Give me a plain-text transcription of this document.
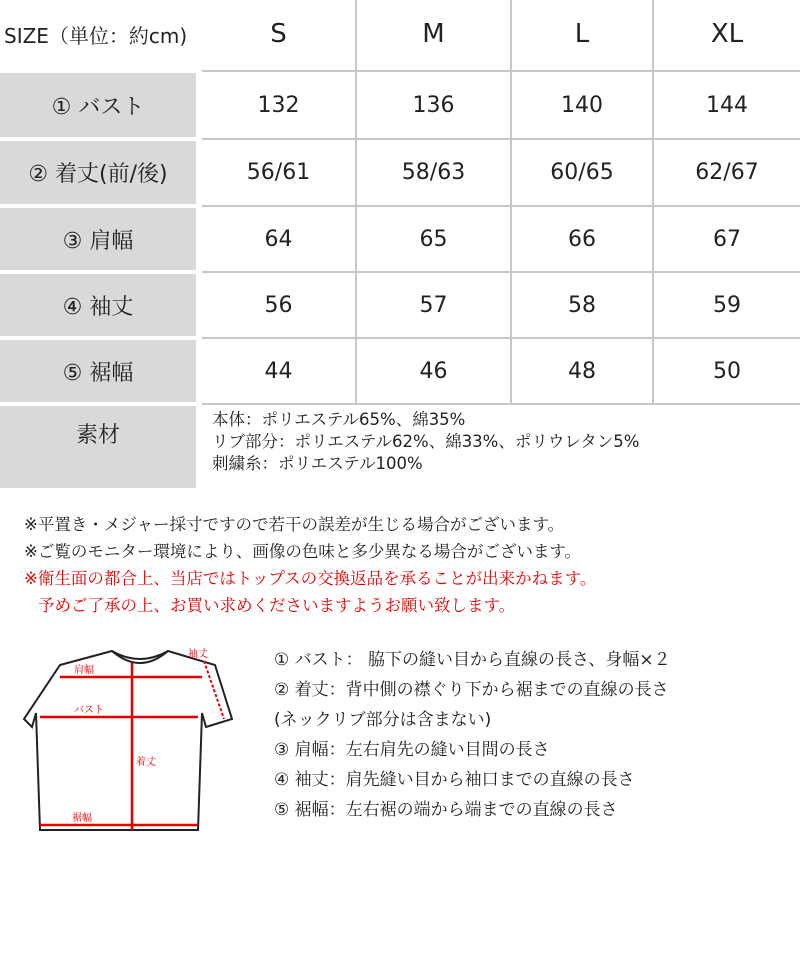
SIZE（単位：約cm)	S	M	L	XL
① バスト	132	136	140	144
② 着丈(前/後)	56/61	58/63	60/65	62/67
③ 肩幅	64	65	66	67
④ 袖丈	56	57	58	59
⑤ 裾幅	44	46	48	50
素材
本体：ポリエステル65%、綿35%
リブ部分：ポリエステル62%、綿33%、ポリウレタン5%
刺繍糸：ポリエステル100%
※平置き・メジャー採寸ですので若干の誤差が生じる場合がございます。
※ご覧のモニター環境により、画像の色味と多少異なる場合がございます。
※衛生面の都合上、当店ではトップスの交換返品を承ることが出来かねます。
予めご了承の上、お買い求めくださいますようお願い致します。
袖丈
肩幅
バスト
着丈
裾幅
① バスト： 脇下の縫い目から直線の長さ、身幅×２
② 着丈：背中側の襟ぐり下から裾までの直線の長さ
(ネックリブ部分は含まない)
③ 肩幅：左右肩先の縫い目間の長さ
④ 袖丈：肩先縫い目から袖口までの直線の長さ
⑤ 裾幅：左右裾の端から端までの直線の長さ
